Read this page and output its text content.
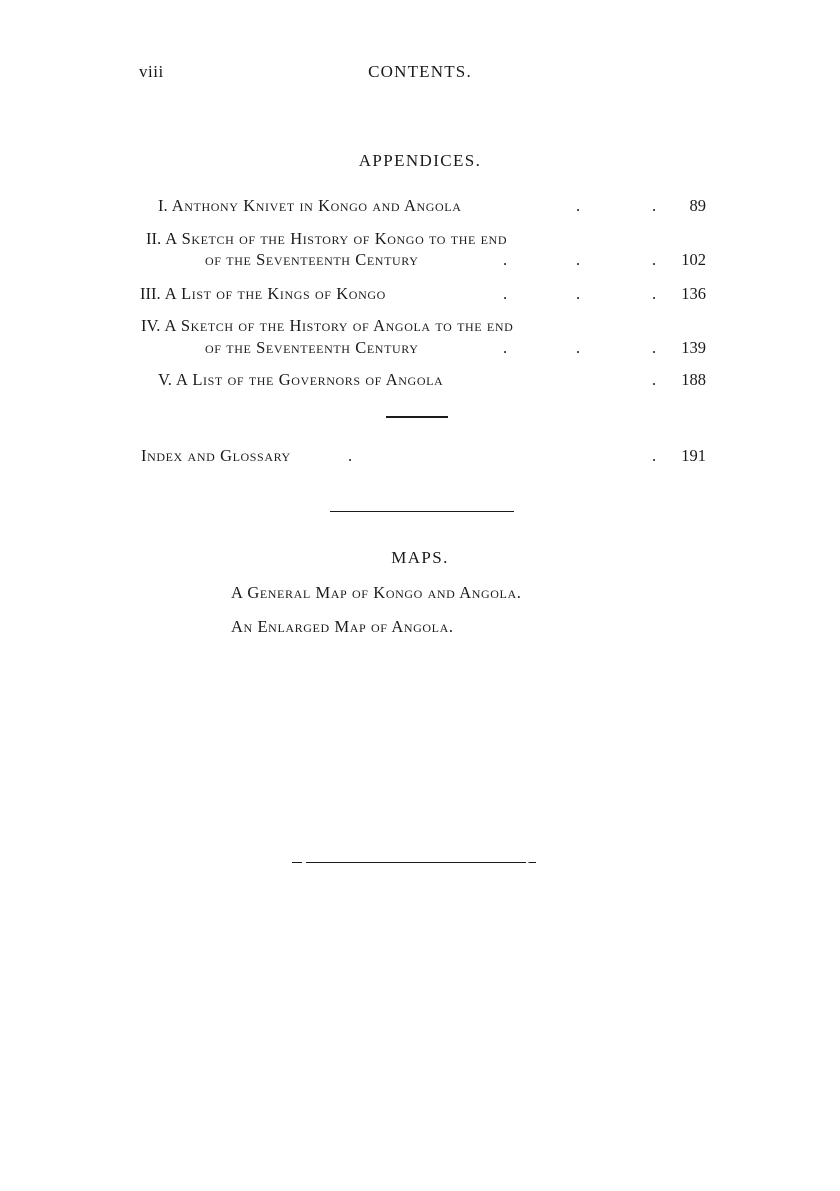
viii	CONTENTS.
APPENDICES.
I. Anthony Knivet in Kongo and Angola	.	.	89
II. A Sketch of the History of Kongo to the end
of the Seventeenth Century	.	.	.	102
III. A List of the Kings of Kongo	.	.	.	136
IV. A Sketch of the History of Angola to the end
of the Seventeenth Century	.	.	.	139
V. A List of the Governors of Angola	.	188
Index and Glossary	.	.	191
MAPS.
A General Map of Kongo and Angola.
An Enlarged Map of Angola.
